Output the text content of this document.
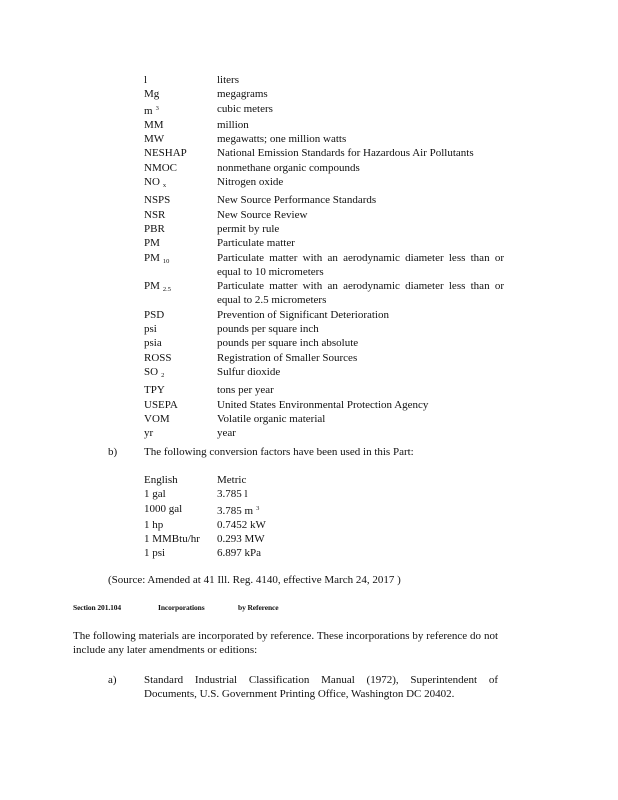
l	liters
Mg	megagrams
m $^3$	cubic meters
MM	million
MW	megawatts; one million watts
NESHAP	National Emission Standards for Hazardous Air Pollutants
NMOC	nonmethane organic compounds
NO $_x$	Nitrogen oxide
NSPS	New Source Performance Standards
NSR	New Source Review
PBR	permit by rule
PM	Particulate matter
PM $_{10}$	Particulate matter with an aerodynamic diameter less than or equal to 10 micrometers
PM $_{2.5}$	Particulate matter with an aerodynamic diameter less than or equal to 2.5 micrometers
PSD	Prevention of Significant Deterioration
psi	pounds per square inch
psia	pounds per square inch absolute
ROSS	Registration of Smaller Sources
SO $_2$	Sulfur dioxide
TPY	tons per year
USEPA	United States Environmental Protection Agency
VOM	Volatile organic material
yr	year
b) The following conversion factors have been used in this Part:
English	Metric
1 gal	3.785 l
1000 gal	3.785 m $^3$
1 hp	0.7452 kW
1 MMBtu/hr	0.293 MW
1 psi	6.897 kPa
(Source: Amended at 41 Ill. Reg. 4140, effective March 24, 2017 )
Section 201.104	Incorporations	by Reference
The following materials are incorporated by reference. These incorporations by reference do not include any later amendments or editions:
a)	Standard Industrial Classification Manual (1972), Superintendent of Documents, U.S. Government Printing Office, Washington DC 20402.
